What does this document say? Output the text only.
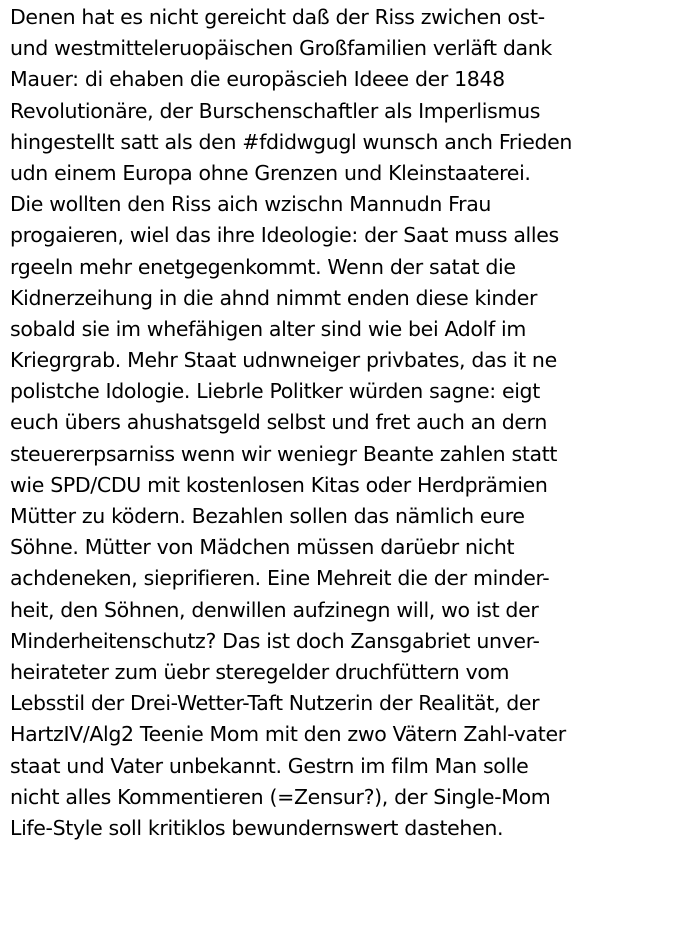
Denen hat es nicht gereicht daß der Riss zwichen ost-
und westmitteleruopäischen Großfamilien verläft dank
Mauer: di ehaben die europäscieh Ideee der 1848
Revolutionäre, der Burschenschaftler als Imperlismus
hingestellt satt als den #fdidwgugl wunsch anch Frieden
udn einem Europa ohne Grenzen und Kleinstaaterei.
Die wollten den Riss aich wzischn Mannudn Frau
progaieren, wiel das ihre Ideologie: der Saat muss alles
rgeeln mehr enetgegenkommt. Wenn der satat die
Kidnerzeihung in die ahnd nimmt enden diese kinder
sobald sie im whefähigen alter sind wie bei Adolf im
Kriegrgrab. Mehr Staat udnwneiger privbates, das it ne
polistche Idologie. Liebrle Politker würden sagne: eigt
euch übers ahushatsgeld selbst und fret auch an dern
steuererpsarniss wenn wir weniegr Beante zahlen statt
wie SPD/CDU mit kostenlosen Kitas oder Herdprämien
Mütter zu ködern. Bezahlen sollen das nämlich eure
Söhne. Mütter von Mädchen müssen darüebr nicht
achdeneken, sieprifieren. Eine Mehreit die der minder-
heit, den Söhnen, denwillen aufzinegn will, wo ist der
Minderheitenschutz? Das ist doch Zansgabriet unver-
heirateter zum üebr steregelder druchfüttern vom
Lebsstil der Drei-Wetter-Taft Nutzerin der Realität, der
HartzIV/Alg2 Teenie Mom mit den zwo Vätern Zahl-vater
staat und Vater unbekannt. Gestrn im film Man solle
nicht alles Kommentieren (=Zensur?), der Single-Mom
Life-Style soll kritiklos bewundernswert dastehen.
